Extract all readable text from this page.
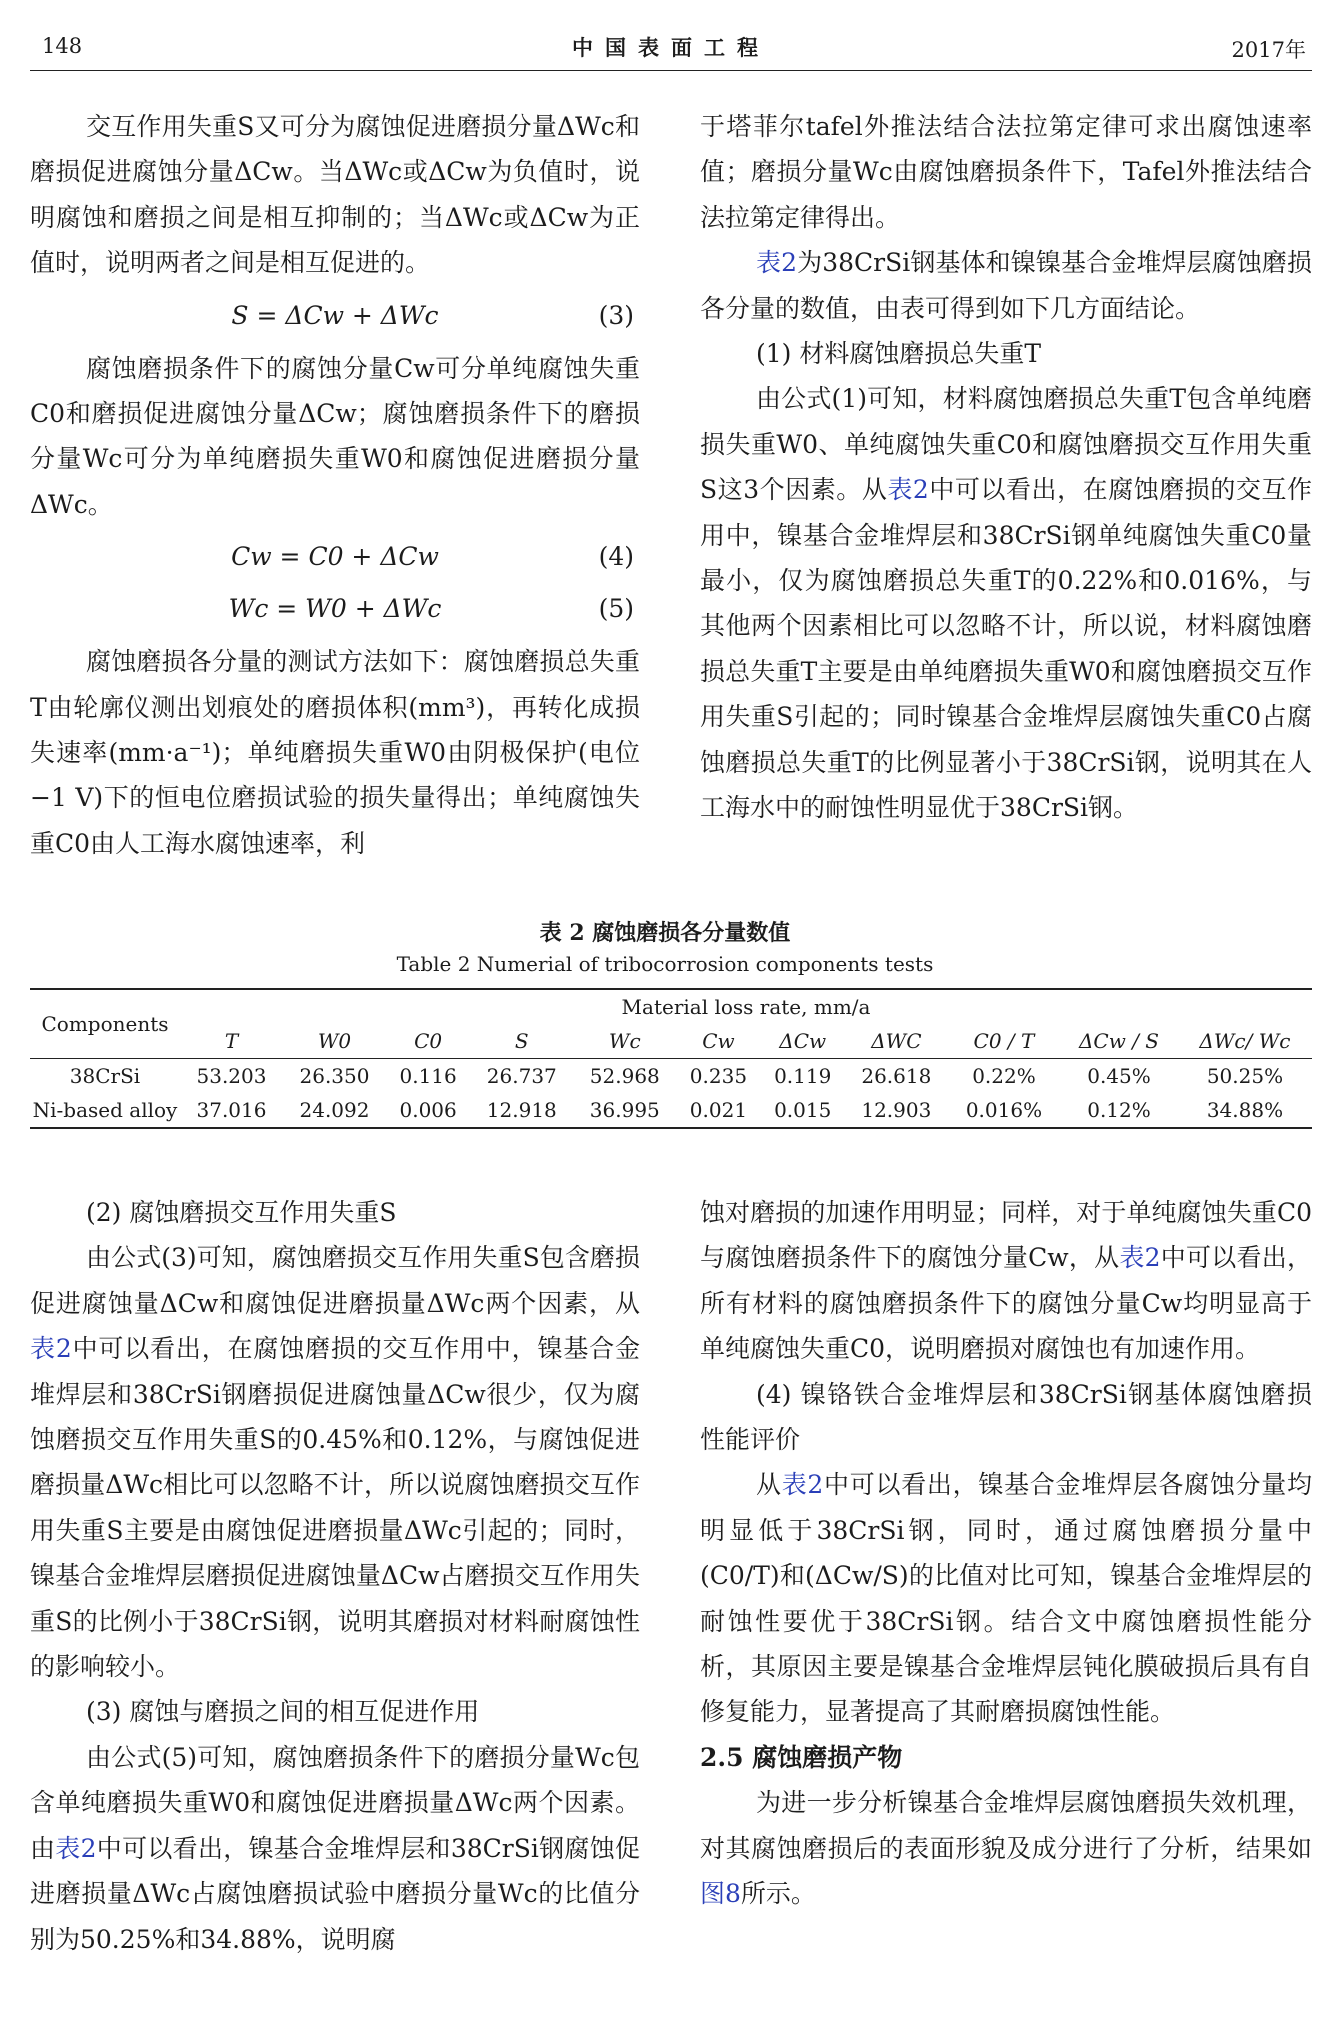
148	中国表面工程	2017年

交互作用失重S又可分为腐蚀促进磨损分量ΔWc和磨损促进腐蚀分量ΔCw。当ΔWc或ΔCw为负值时，说明腐蚀和磨损之间是相互抑制的；当ΔWc或ΔCw为正值时，说明两者之间是相互促进的。

S = ΔCw + ΔWc	(3)

腐蚀磨损条件下的腐蚀分量Cw可分单纯腐蚀失重C0和磨损促进腐蚀分量ΔCw；腐蚀磨损条件下的磨损分量Wc可分为单纯磨损失重W0和腐蚀促进磨损分量ΔWc。

Cw = C0 + ΔCw	(4)
Wc = W0 + ΔWc	(5)

腐蚀磨损各分量的测试方法如下：腐蚀磨损总失重T由轮廓仪测出划痕处的磨损体积(mm³)，再转化成损失速率(mm·a⁻¹)；单纯磨损失重W0由阴极保护(电位−1 V)下的恒电位磨损试验的损失量得出；单纯腐蚀失重C0由人工海水腐蚀速率，利

于塔菲尔tafel外推法结合法拉第定律可求出腐蚀速率值；磨损分量Wc由腐蚀磨损条件下，Tafel外推法结合法拉第定律得出。

表2为38CrSi钢基体和镍镍基合金堆焊层腐蚀磨损各分量的数值，由表可得到如下几方面结论。

(1) 材料腐蚀磨损总失重T

由公式(1)可知，材料腐蚀磨损总失重T包含单纯磨损失重W0、单纯腐蚀失重C0和腐蚀磨损交互作用失重S这3个因素。从表2中可以看出，在腐蚀磨损的交互作用中，镍基合金堆焊层和38CrSi钢单纯腐蚀失重C0量最小，仅为腐蚀磨损总失重T的0.22%和0.016%，与其他两个因素相比可以忽略不计，所以说，材料腐蚀磨损总失重T主要是由单纯磨损失重W0和腐蚀磨损交互作用失重S引起的；同时镍基合金堆焊层腐蚀失重C0占腐蚀磨损总失重T的比例显著小于38CrSi钢，说明其在人工海水中的耐蚀性明显优于38CrSi钢。

表 2 腐蚀磨损各分量数值
Table 2 Numerial of tribocorrosion components tests
Components	Material loss rate, mm/a										
	T	W0	C0	S	Wc	Cw	ΔCw	ΔWC	C0 / T	ΔCw / S	ΔWc/ Wc
38CrSi	53.203	26.350	0.116	26.737	52.968	0.235	0.119	26.618	0.22%	0.45%	50.25%
Ni-based alloy	37.016	24.092	0.006	12.918	36.995	0.021	0.015	12.903	0.016%	0.12%	34.88%

(2) 腐蚀磨损交互作用失重S

由公式(3)可知，腐蚀磨损交互作用失重S包含磨损促进腐蚀量ΔCw和腐蚀促进磨损量ΔWc两个因素，从表2中可以看出，在腐蚀磨损的交互作用中，镍基合金堆焊层和38CrSi钢磨损促进腐蚀量ΔCw很少，仅为腐蚀磨损交互作用失重S的0.45%和0.12%，与腐蚀促进磨损量ΔWc相比可以忽略不计，所以说腐蚀磨损交互作用失重S主要是由腐蚀促进磨损量ΔWc引起的；同时，镍基合金堆焊层磨损促进腐蚀量ΔCw占磨损交互作用失重S的比例小于38CrSi钢，说明其磨损对材料耐腐蚀性的影响较小。

(3) 腐蚀与磨损之间的相互促进作用

由公式(5)可知，腐蚀磨损条件下的磨损分量Wc包含单纯磨损失重W0和腐蚀促进磨损量ΔWc两个因素。由表2中可以看出，镍基合金堆焊层和38CrSi钢腐蚀促进磨损量ΔWc占腐蚀磨损试验中磨损分量Wc的比值分别为50.25%和34.88%，说明腐

蚀对磨损的加速作用明显；同样，对于单纯腐蚀失重C0与腐蚀磨损条件下的腐蚀分量Cw，从表2中可以看出，所有材料的腐蚀磨损条件下的腐蚀分量Cw均明显高于单纯腐蚀失重C0，说明磨损对腐蚀也有加速作用。

(4) 镍铬铁合金堆焊层和38CrSi钢基体腐蚀磨损性能评价

从表2中可以看出，镍基合金堆焊层各腐蚀分量均明显低于38CrSi钢，同时，通过腐蚀磨损分量中(C0/T)和(ΔCw/S)的比值对比可知，镍基合金堆焊层的耐蚀性要优于38CrSi钢。结合文中腐蚀磨损性能分析，其原因主要是镍基合金堆焊层钝化膜破损后具有自修复能力，显著提高了其耐磨损腐蚀性能。

2.5 腐蚀磨损产物

为进一步分析镍基合金堆焊层腐蚀磨损失效机理，对其腐蚀磨损后的表面形貌及成分进行了分析，结果如图8所示。
